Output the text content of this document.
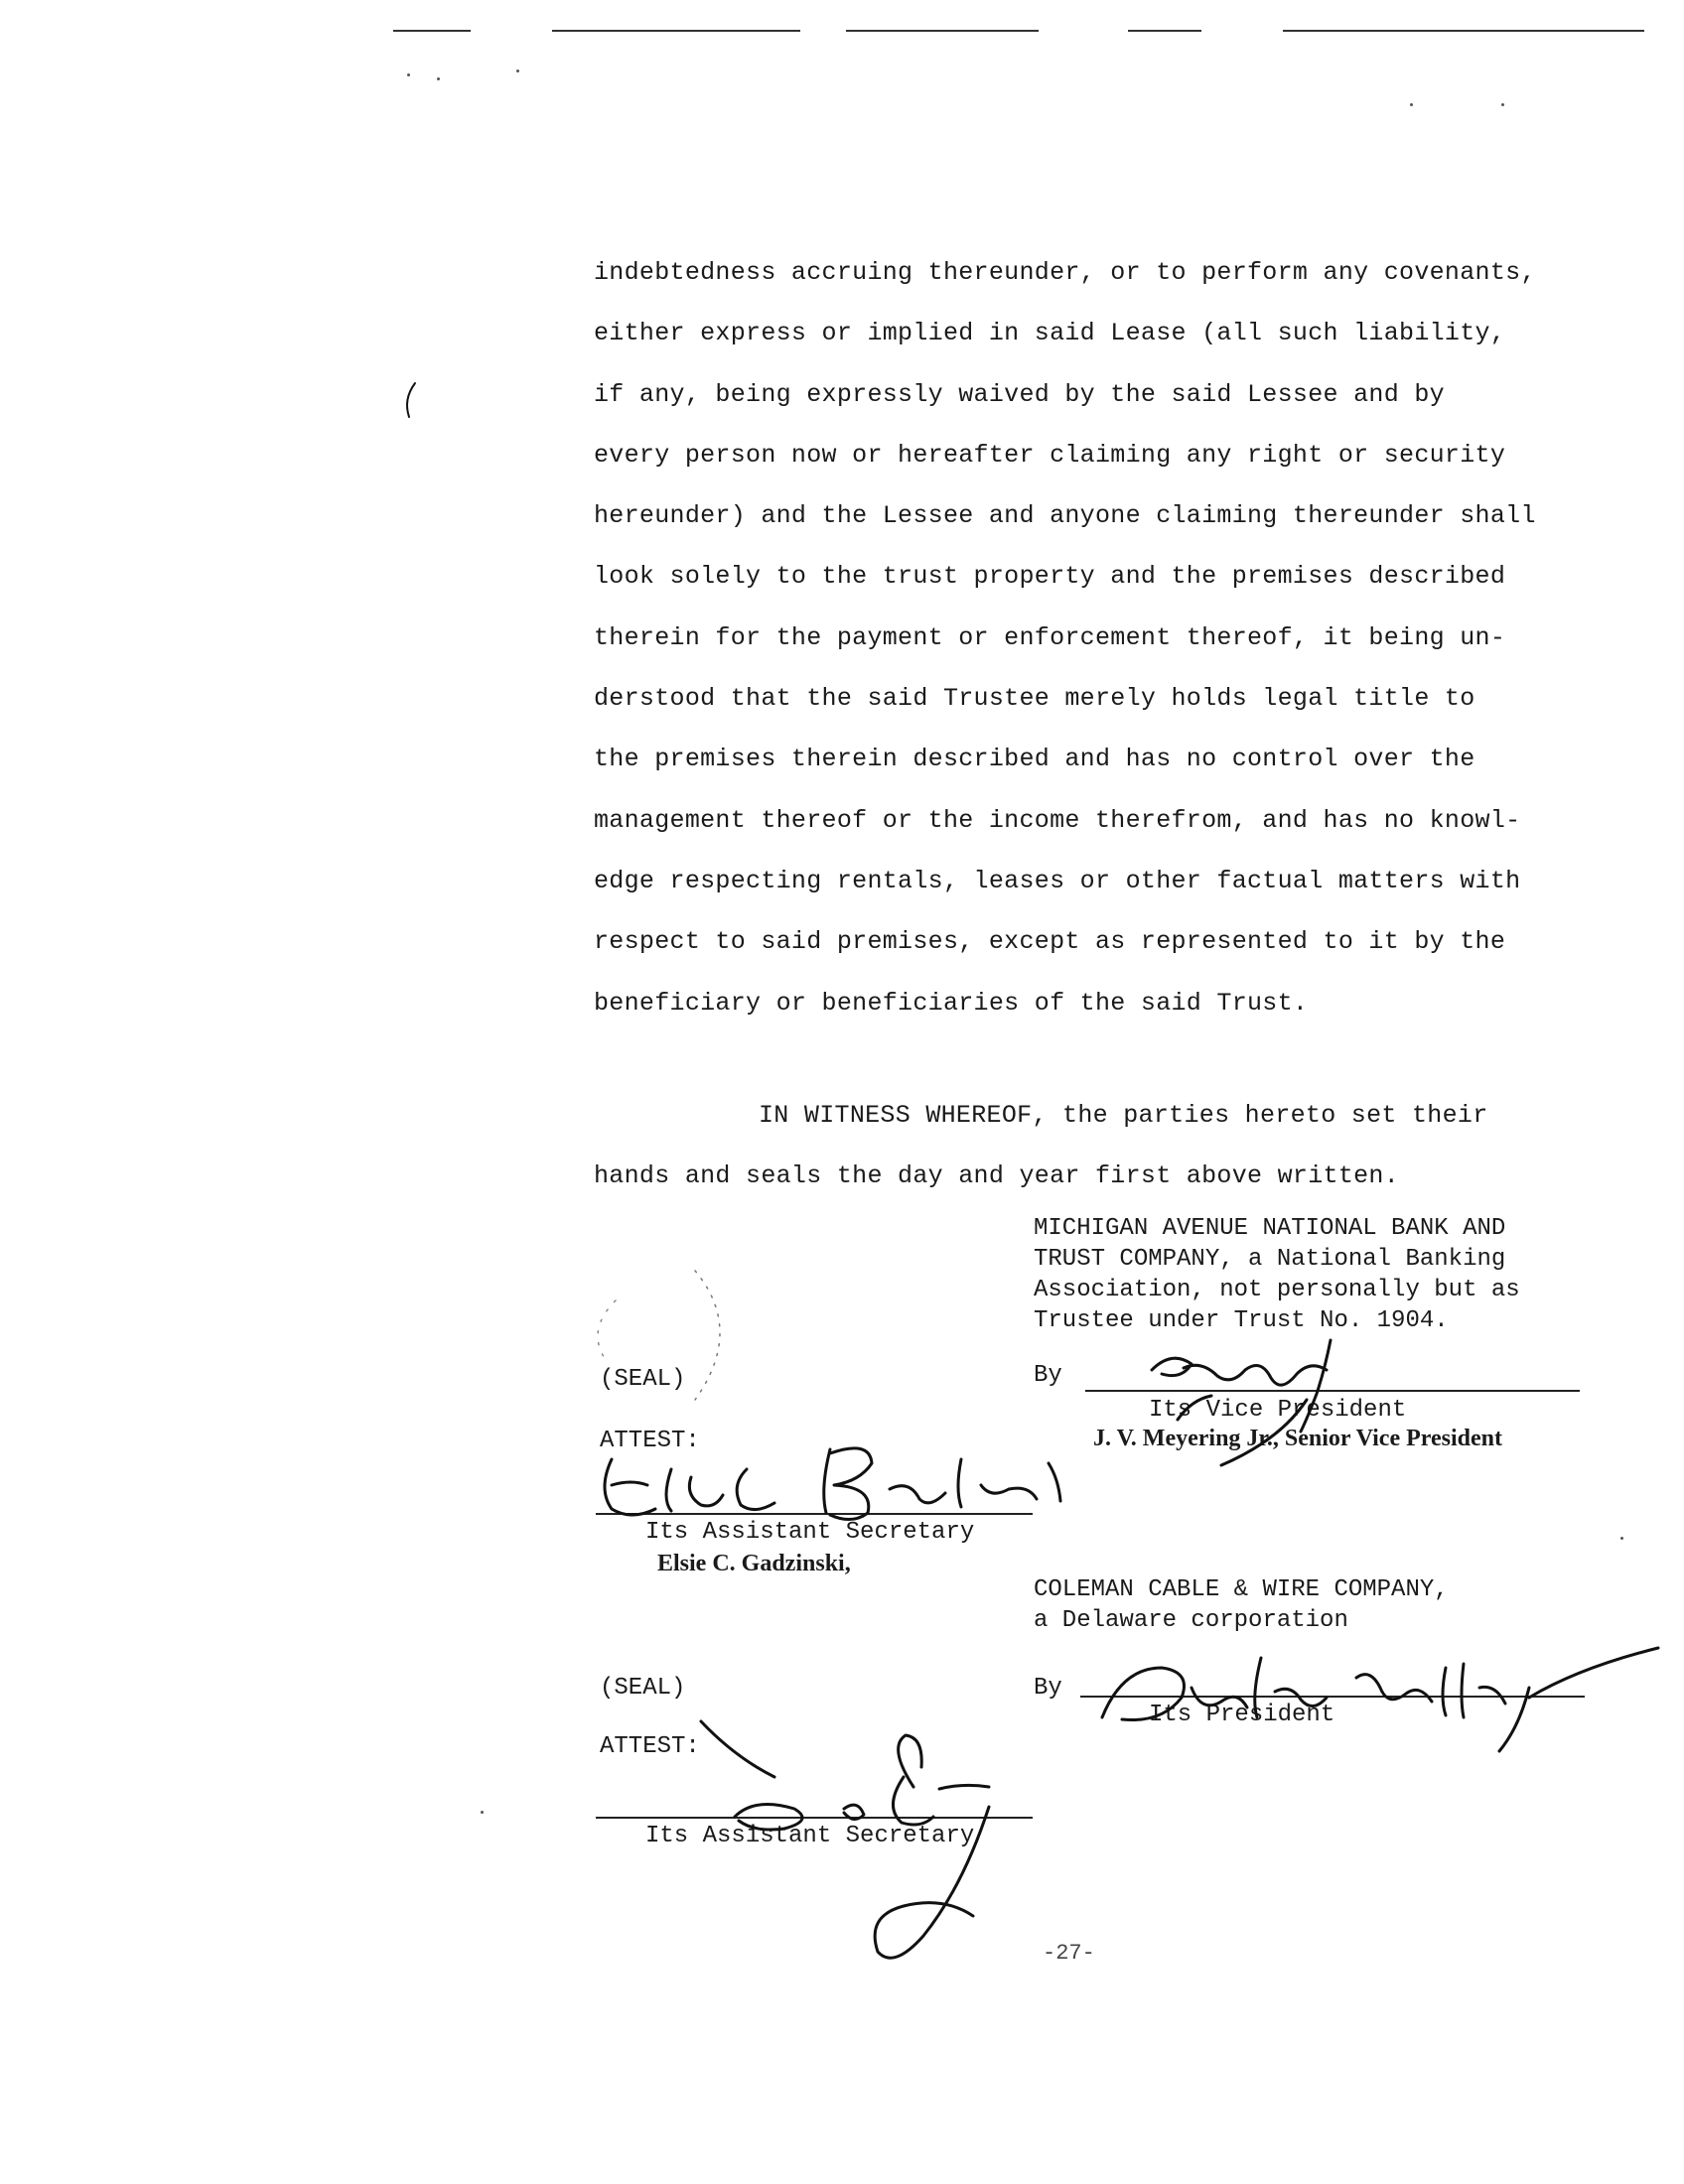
indebtedness accruing thereunder, or to perform any covenants,
either express or implied in said Lease (all such liability,
if any, being expressly waived by the said Lessee and by
every person now or hereafter claiming any right or security
hereunder) and the Lessee and anyone claiming thereunder shall
look solely to the trust property and the premises described
therein for the payment or enforcement thereof, it being un-
derstood that the said Trustee merely holds legal title to
the premises therein described and has no control over the
management thereof or the income therefrom, and has no knowl-
edge respecting rentals, leases or other factual matters with
respect to said premises, except as represented to it by the
beneficiary or beneficiaries of the said Trust.
IN WITNESS WHEREOF, the parties hereto set their
hands and seals the day and year first above written.
MICHIGAN AVENUE NATIONAL BANK AND
TRUST COMPANY, a National Banking
Association, not personally but as
Trustee under Trust No. 1904.
By
Its Vice President
J. V. Meyering Jr., Senior Vice President
(SEAL)
ATTEST:
Its Assistant Secretary
Elsie C. Gadzinski,
COLEMAN CABLE & WIRE COMPANY,
a Delaware corporation
By
Its President
(SEAL)
ATTEST:
Its Assistant Secretary
-27-
